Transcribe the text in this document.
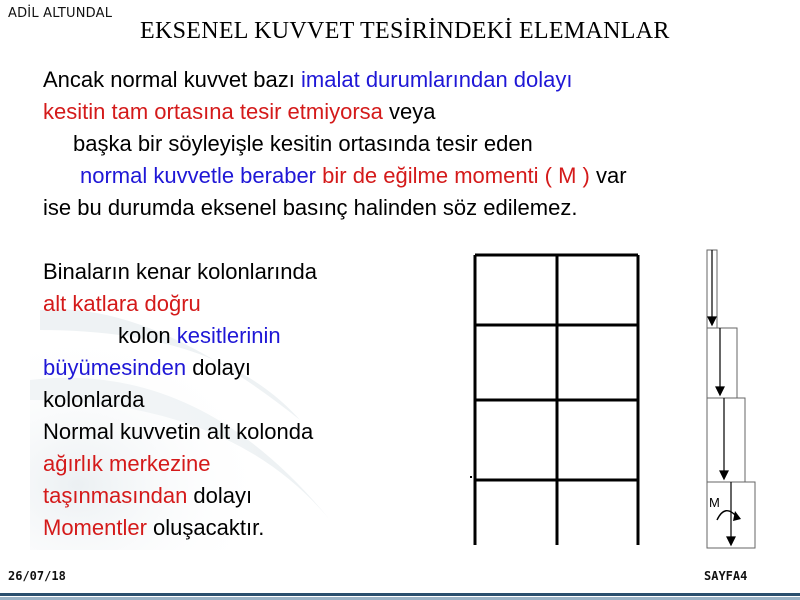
ADİL ALTUNDAL
EKSENEL KUVVET TESİRİNDEKİ ELEMANLAR
Ancak normal kuvvet bazı imalat durumlarından dolayı
kesitin tam ortasına tesir etmiyorsa veya
başka bir söyleyişle kesitin ortasında tesir eden
normal kuvvetle beraber bir de eğilme momenti ( M ) var
ise bu durumda eksenel basınç halinden söz edilemez.
Binaların kenar kolonlarında
alt katlara doğru
kolon kesitlerinin
büyümesinden dolayı
kolonlarda
Normal kuvvetin alt kolonda
ağırlık merkezine
taşınmasından dolayı
Momentler oluşacaktır.
M
26/07/18	SAYFA4
